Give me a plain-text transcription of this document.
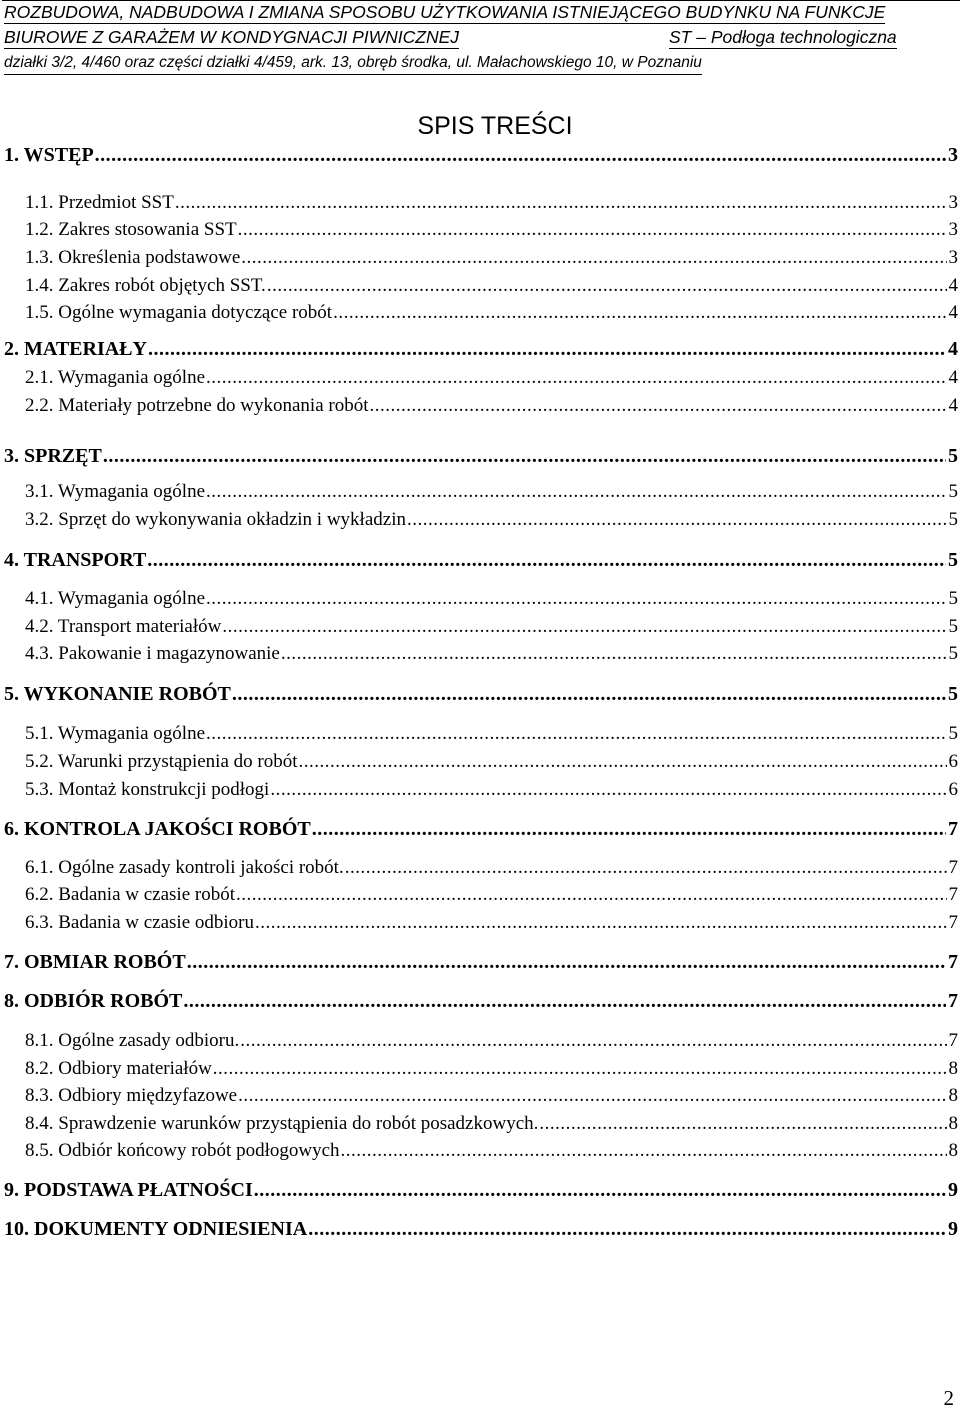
ROZBUDOWA, NADBUDOWA I ZMIANA SPOSOBU UŻYTKOWANIA ISTNIEJĄCEGO BUDYNKU NA FUNKCJE
BIUROWE Z GARAŻEM W KONDYGNACJI PIWNICZNEJ	ST – Podłoga technologiczna
działki 3/2, 4/460 oraz części działki 4/459, ark. 13, obręb środka, ul. Małachowskiego 10, w Poznaniu
SPIS TREŚCI
1. WSTĘP .....	3
1.1. Przedmiot SST .....	3
1.2. Zakres stosowania SST .....	3
1.3. Określenia podstawowe .....	3
1.4. Zakres robót objętych SST. .....	4
1.5. Ogólne wymagania dotyczące robót .....	4
2. MATERIAŁY .....	4
2.1. Wymagania ogólne .....	4
2.2. Materiały potrzebne do wykonania robót .....	4
3. SPRZĘT .....	5
3.1. Wymagania ogólne .....	5
3.2. Sprzęt do wykonywania okładzin i wykładzin .....	5
4. TRANSPORT .....	5
4.1. Wymagania ogólne .....	5
4.2. Transport materiałów .....	5
4.3. Pakowanie i magazynowanie .....	5
5. WYKONANIE ROBÓT .....	5
5.1. Wymagania ogólne .....	5
5.2. Warunki przystąpienia do robót .....	6
5.3. Montaż konstrukcji podłogi .....	6
6. KONTROLA JAKOŚCI ROBÓT .....	7
6.1. Ogólne zasady kontroli jakości robót. .....	7
6.2. Badania w czasie robót .....	7
6.3. Badania w czasie odbioru .....	7
7. OBMIAR ROBÓT .....	7
8. ODBIÓR ROBÓT .....	7
8.1. Ogólne zasady odbioru. .....	7
8.2. Odbiory materiałów .....	8
8.3. Odbiory międzyfazowe .....	8
8.4. Sprawdzenie warunków przystąpienia do robót posadzkowych. .....	8
8.5. Odbiór końcowy robót podłogowych .....	8
9. PODSTAWA PŁATNOŚCI .....	9
10. DOKUMENTY ODNIESIENIA .....	9
2
